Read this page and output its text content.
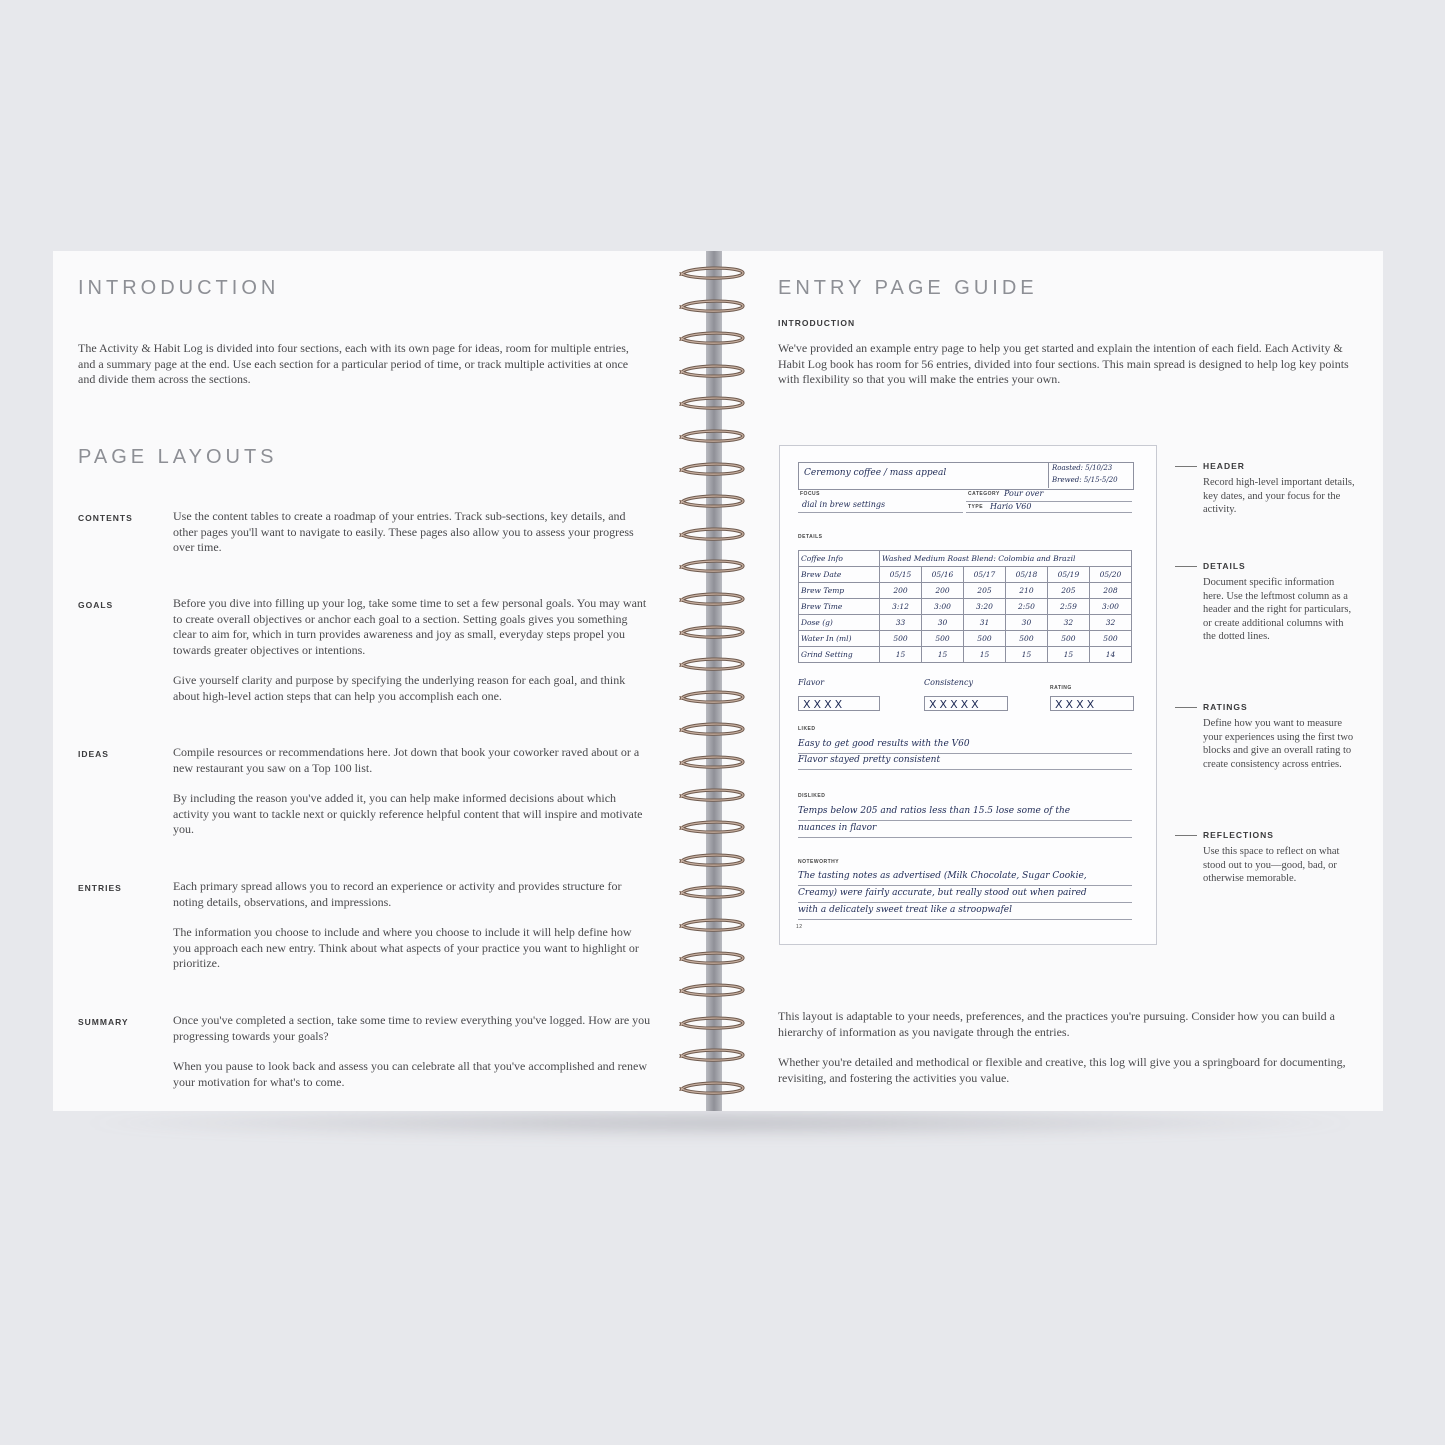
INTRODUCTION

The Activity & Habit Log is divided into four sections, each with its own page for ideas, room for multiple entries, and a summary page at the end. Use each section for a particular period of time, or track multiple activities at once and divide them across the sections.

PAGE LAYOUTS
CONTENTS	Use the content tables to create a roadmap of your entries. Track sub-sections, key details, and other pages you'll want to navigate to easily. These pages also allow you to assess your progress over time.

GOALS	Before you dive into filling up your log, take some time to set a few personal goals. You may want to create overall objectives or anchor each goal to a section. Setting goals gives you something clear to aim for, which in turn provides awareness and joy as small, everyday steps propel you towards greater objectives or intentions.

Give yourself clarity and purpose by specifying the underlying reason for each goal, and think about high-level action steps that can help you accomplish each one.

IDEAS	Compile resources or recommendations here. Jot down that book your coworker raved about or a new restaurant you saw on a Top 100 list.

By including the reason you've added it, you can help make informed decisions about which activity you want to tackle next or quickly reference helpful content that will inspire and motivate you.

ENTRIES	Each primary spread allows you to record an experience or activity and provides structure for noting details, observations, and impressions.

The information you choose to include and where you choose to include it will help define how you approach each new entry. Think about what aspects of your practice you want to highlight or prioritize.

SUMMARY	Once you've completed a section, take some time to review everything you've logged. How are you progressing towards your goals?

When you pause to look back and assess you can celebrate all that you've accomplished and renew your motivation for what's to come.

ENTRY PAGE GUIDE
INTRODUCTION

We've provided an example entry page to help you get started and explain the intention of each field. Each Activity & Habit Log book has room for 56 entries, divided into four sections. This main spread is designed to help log key points with flexibility so that you will make the entries your own.

Ceremony coffee / mass appeal	Roasted: 5/10/23
Brewed: 5/15-5/20
FOCUS
dial in brew settings
CATEGORY Pour over
TYPE Hario V60
DETAILS
Coffee Info	Washed Medium Roast Blend: Colombia and Brazil					
Brew Date	05/15	05/16	05/17	05/18	05/19	05/20
Brew Temp	200	200	205	210	205	208
Brew Time	3:12	3:00	3:20	2:50	2:59	3:00
Dose (g)	33	30	31	30	32	32
Water In (ml)	500	500	500	500	500	500
Grind Setting	15	15	15	15	15	14
Flavor
XXXX
Consistency
XXXXX
RATING
XXXX
LIKED
Easy to get good results with the V60
Flavor stayed pretty consistent
DISLIKED
Temps below 205 and ratios less than 15.5 lose some of the
nuances in flavor
NOTEWORTHY
The tasting notes as advertised (Milk Chocolate, Sugar Cookie,
Creamy) were fairly accurate, but really stood out when paired
with a delicately sweet treat like a stroopwafel
12
HEADER

Record high-level important details, key dates, and your focus for the activity.

DETAILS

Document specific information here. Use the leftmost column as a header and the right for particulars, or create additional columns with the dotted lines.

RATINGS

Define how you want to measure your experiences using the first two blocks and give an overall rating to create consistency across entries.

REFLECTIONS

Use this space to reflect on what stood out to you—good, bad, or otherwise memorable.

This layout is adaptable to your needs, preferences, and the practices you're pursuing. Consider how you can build a hierarchy of information as you navigate through the entries.

Whether you're detailed and methodical or flexible and creative, this log will give you a springboard for documenting, revisiting, and fostering the activities you value.
